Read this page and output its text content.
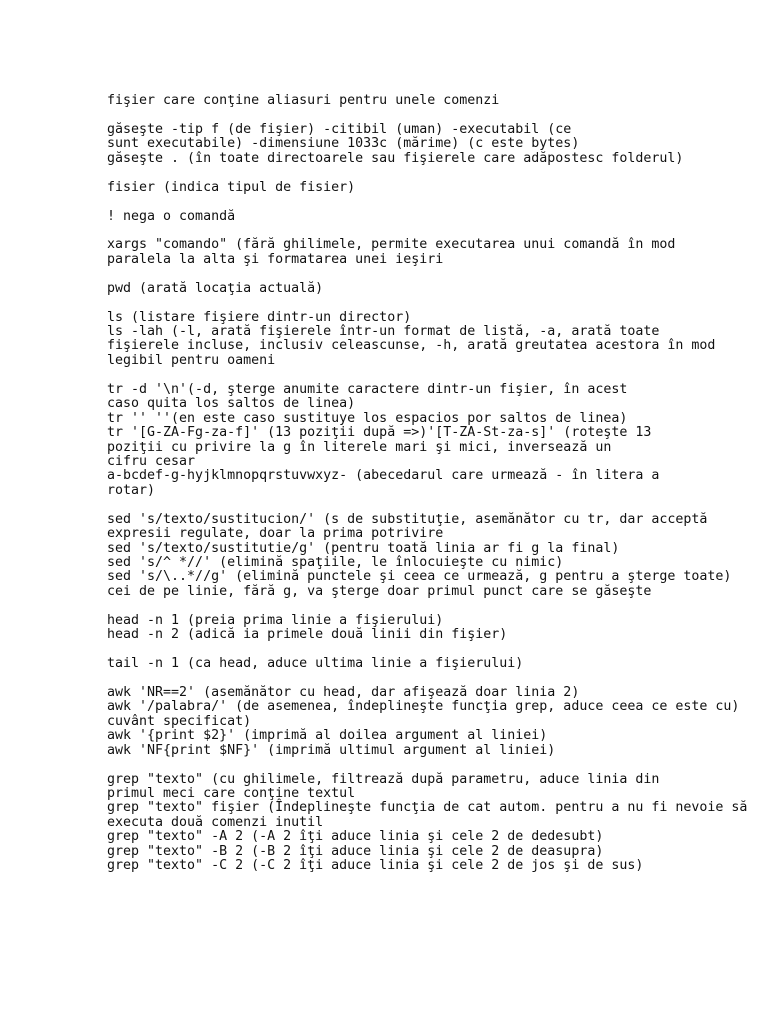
fişier care conţine aliasuri pentru unele comenzi
găseşte -tip f (de fişier) -citibil (uman) -executabil (ce
sunt executabile) -dimensiune 1033c (mărime) (c este bytes)
găseşte . (în toate directoarele sau fişierele care adăpostesc folderul)
fisier (indica tipul de fisier)
! nega o comandă
xargs "comando" (fără ghilimele, permite executarea unui comandă în mod
paralela la alta şi formatarea unei ieşiri
pwd (arată locaţia actuală)
ls (listare fişiere dintr-un director)
ls -lah (-l, arată fişierele într-un format de listă, -a, arată toate
fişierele incluse, inclusiv celeascunse, -h, arată greutatea acestora în mod
legibil pentru oameni
tr -d '\n'(-d, şterge anumite caractere dintr-un fişier, în acest
caso quita los saltos de linea)
tr '' ''(en este caso sustituye los espacios por saltos de linea)
tr '[G-ZA-Fg-za-f]' (13 poziţii după =>)'[T-ZA-St-za-s]' (roteşte 13
poziţii cu privire la g în literele mari şi mici, inversează un
cifru cesar
a-bcdef-g-hyjklmnopqrstuvwxyz- (abecedarul care urmează - în litera a
rotar)
sed 's/texto/sustitucion/' (s de substituţie, asemănător cu tr, dar acceptă
expresii regulate, doar la prima potrivire
sed 's/texto/sustitutie/g' (pentru toată linia ar fi g la final)
sed 's/^ *//' (elimină spaţiile, le înlocuieşte cu nimic)
sed 's/\..*//g' (elimină punctele şi ceea ce urmează, g pentru a şterge toate)
cei de pe linie, fără g, va şterge doar primul punct care se găseşte
head -n 1 (preia prima linie a fişierului)
head -n 2 (adică ia primele două linii din fişier)
tail -n 1 (ca head, aduce ultima linie a fişierului)
awk 'NR==2' (asemănător cu head, dar afişează doar linia 2)
awk '/palabra/' (de asemenea, îndeplineşte funcţia grep, aduce ceea ce este cu)
cuvânt specificat)
awk '{print $2}' (imprimă al doilea argument al liniei)
awk 'NF{print $NF}' (imprimă ultimul argument al liniei)
grep "texto" (cu ghilimele, filtrează după parametru, aduce linia din
primul meci care conţine textul
grep "texto" fişier (Îndeplineşte funcţia de cat autom. pentru a nu fi nevoie să
executa două comenzi inutil
grep "texto" -A 2 (-A 2 îţi aduce linia şi cele 2 de dedesubt)
grep "texto" -B 2 (-B 2 îţi aduce linia şi cele 2 de deasupra)
grep "texto" -C 2 (-C 2 îţi aduce linia şi cele 2 de jos şi de sus)
